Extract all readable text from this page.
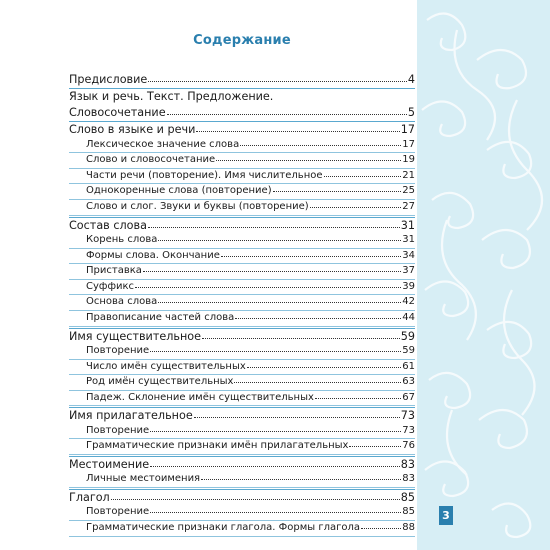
Содержание
Предисловие	4
Язык и речь. Текст. Предложение.
Словосочетание	5
Слово в языке и речи	17
Лексическое значение слова	17
Слово и словосочетание	19
Части речи (повторение). Имя числительное	21
Однокоренные слова (повторение)	25
Слово и слог. Звуки и буквы (повторение)	27
Состав слова	31
Корень слова	31
Формы слова. Окончание	34
Приставка	37
Суффикс	39
Основа слова	42
Правописание частей слова	44
Имя существительное	59
Повторение	59
Число имён существительных	61
Род имён существительных	63
Падеж. Склонение имён существительных	67
Имя прилагательное	73
Повторение	73
Грамматические признаки имён прилагательных	76
Местоимение	83
Личные местоимения	83
Глагол	85
Повторение	85
Грамматические признаки глагола. Формы глагола	88
3
